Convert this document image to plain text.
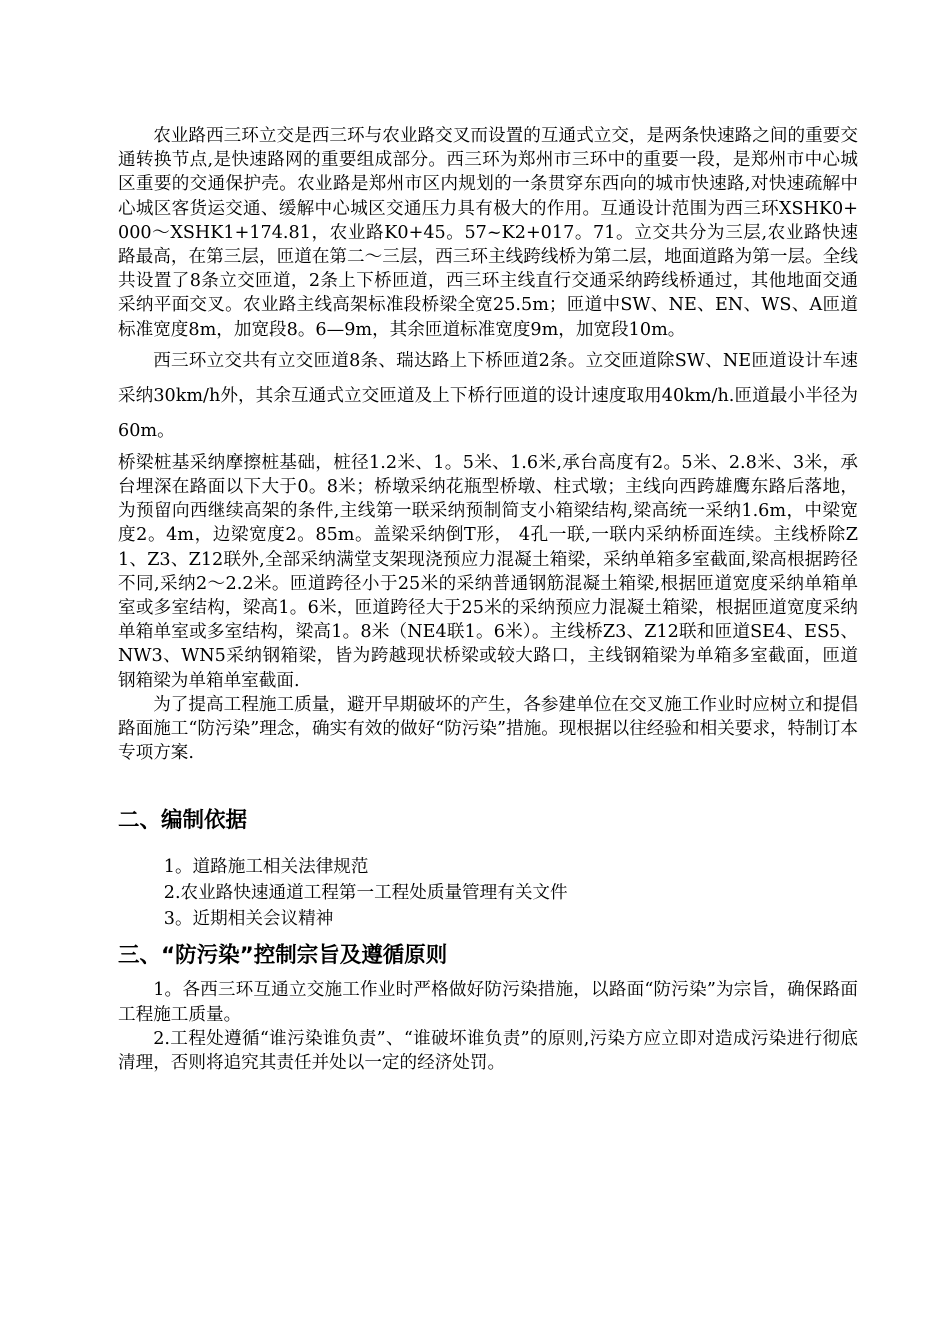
农业路西三环立交是西三环与农业路交叉而设置的互通式立交，是两条快速路之间的重要交通转换节点,是快速路网的重要组成部分。西三环为郑州市三环中的重要一段，是郑州市中心城区重要的交通保护壳。农业路是郑州市区内规划的一条贯穿东西向的城市快速路,对快速疏解中心城区客货运交通、缓解中心城区交通压力具有极大的作用。互通设计范围为西三环XSHK0+000～XSHK1+174.81，农业路K0+45。57~K2+017。71。立交共分为三层,农业路快速路最高，在第三层，匝道在第二～三层，西三环主线跨线桥为第二层，地面道路为第一层。全线共设置了8条立交匝道，2条上下桥匝道，西三环主线直行交通采纳跨线桥通过，其他地面交通采纳平面交叉。农业路主线高架标准段桥梁全宽25.5m；匝道中SW、NE、EN、WS、A匝道标准宽度8m，加宽段8。6—9m，其余匝道标准宽度9m，加宽段10m。

西三环立交共有立交匝道8条、瑞达路上下桥匝道2条。立交匝道除SW、NE匝道设计车速采纳30km/h外，其余互通式立交匝道及上下桥行匝道的设计速度取用40km/h.匝道最小半径为60m。

桥梁桩基采纳摩擦桩基础，桩径1.2米、1。5米、1.6米,承台高度有2。5米、2.8米、3米，承台埋深在路面以下大于0。8米；桥墩采纳花瓶型桥墩、柱式墩；主线向西跨雄鹰东路后落地，为预留向西继续高架的条件,主线第一联采纳预制简支小箱梁结构,梁高统一采纳1.6m，中梁宽度2。4m，边梁宽度2。85m。盖梁采纳倒T形， 4孔一联,一联内采纳桥面连续。主线桥除Z1、Z3、Z12联外,全部采纳满堂支架现浇预应力混凝土箱梁，采纳单箱多室截面,梁高根据跨径不同,采纳2～2.2米。匝道跨径小于25米的采纳普通钢筋混凝土箱梁,根据匝道宽度采纳单箱单室或多室结构，梁高1。6米，匝道跨径大于25米的采纳预应力混凝土箱梁，根据匝道宽度采纳单箱单室或多室结构，梁高1。8米（NE4联1。6米）。主线桥Z3、Z12联和匝道SE4、ES5、NW3、WN5采纳钢箱梁，皆为跨越现状桥梁或较大路口，主线钢箱梁为单箱多室截面，匝道钢箱梁为单箱单室截面.

为了提高工程施工质量，避开早期破坏的产生，各参建单位在交叉施工作业时应树立和提倡路面施工“防污染”理念，确实有效的做好“防污染”措施。现根据以往经验和相关要求，特制订本专项方案.

二、编制依据

1。道路施工相关法律规范

2.农业路快速通道工程第一工程处质量管理有关文件

3。近期相关会议精神

三、“防污染”控制宗旨及遵循原则

1。各西三环互通立交施工作业时严格做好防污染措施，以路面“防污染”为宗旨，确保路面工程施工质量。

2.工程处遵循“谁污染谁负责”、“谁破坏谁负责”的原则,污染方应立即对造成污染进行彻底清理，否则将追究其责任并处以一定的经济处罚。
